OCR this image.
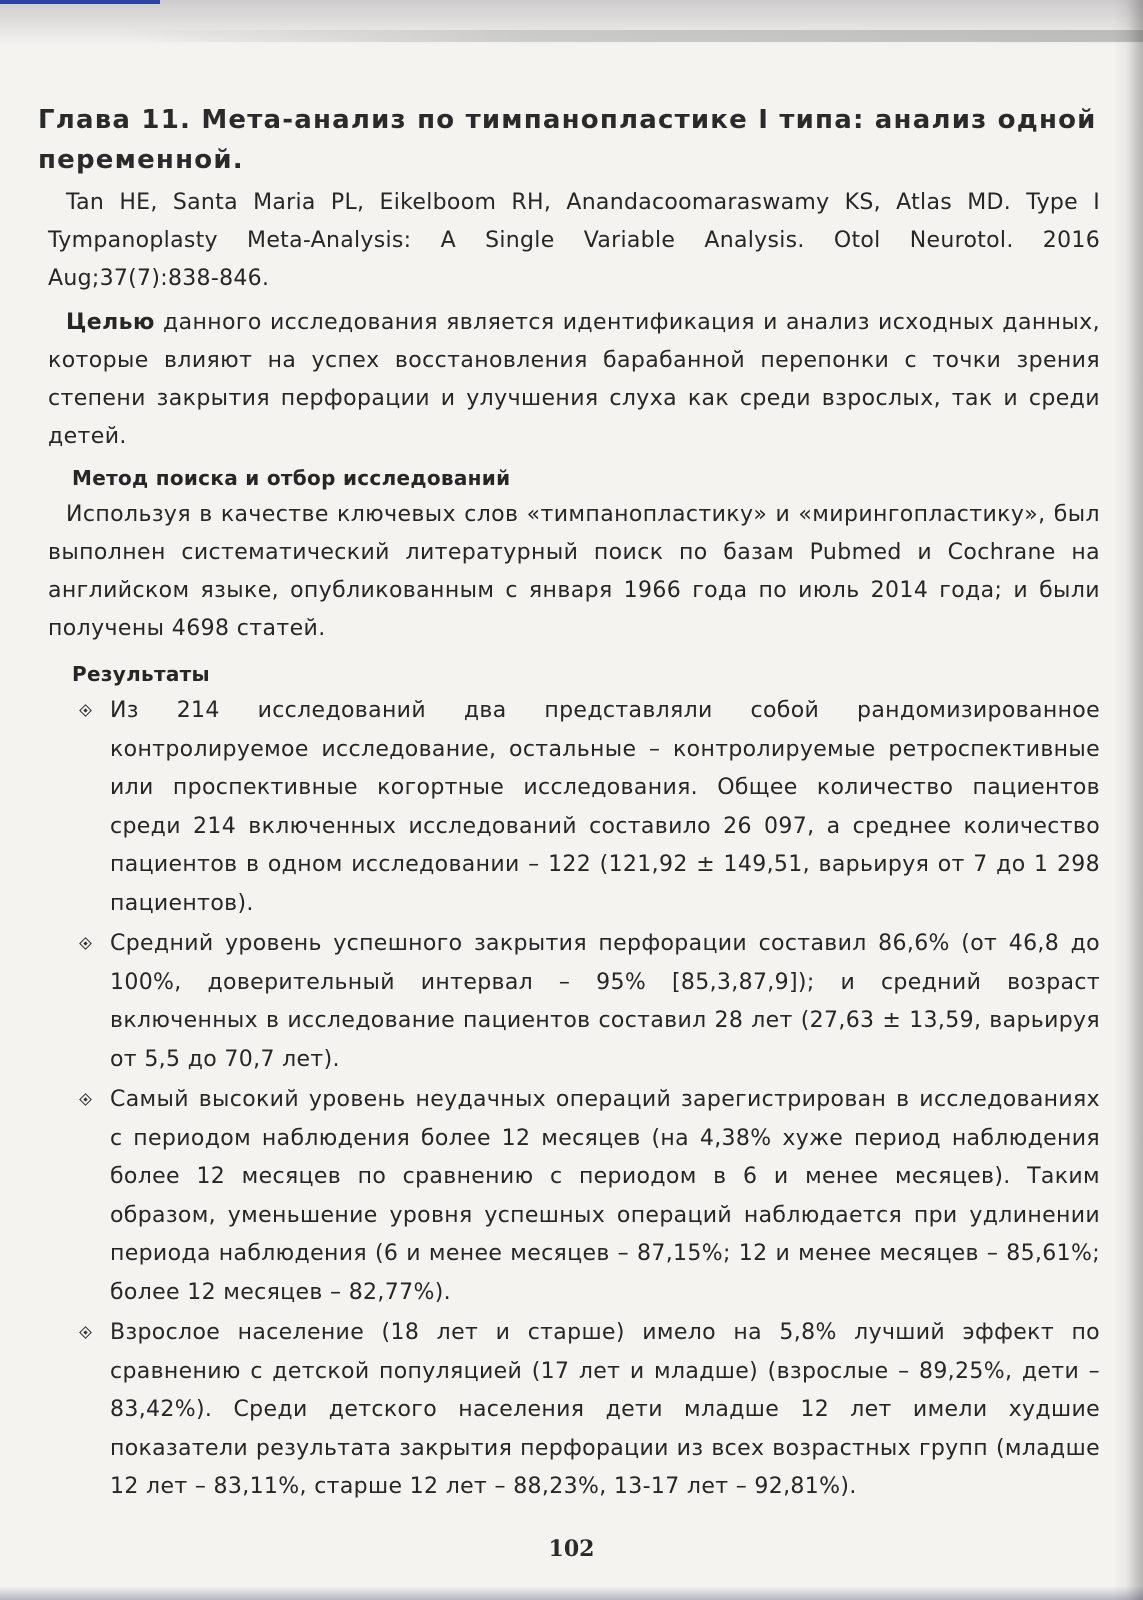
Глава 11. Мета-анализ по тимпанопластике I типа: анализ одной переменной.

Tan HE, Santa Maria PL, Eikelboom RH, Anandacoomaraswamy KS, Atlas MD. Type I Tympanoplasty Meta-Analysis: A Single Variable Analysis. Otol Neurotol. 2016 Aug;37(7):838-846.

Целью данного исследования является идентификация и анализ исходных данных, которые влияют на успех восстановления барабанной перепонки с точки зрения степени закрытия перфорации и улучшения слуха как среди взрослых, так и среди детей.

Метод поиска и отбор исследований

Используя в качестве ключевых слов «тимпанопластику» и «мирингопластику», был выполнен систематический литературный поиск по базам Pubmed и Cochrane на английском языке, опубликованным с января 1966 года по июль 2014 года; и были получены 4698 статей.

Результаты
Из 214 исследований два представляли собой рандомизированное контролируемое исследование, остальные – контролируемые ретроспективные или проспективные когортные исследования. Общее количество пациентов среди 214 включенных исследований составило 26 097, а среднее количество пациентов в одном исследовании – 122 (121,92 ± 149,51, варьируя от 7 до 1 298 пациентов).
Средний уровень успешного закрытия перфорации составил 86,6% (от 46,8 до 100%, доверительный интервал – 95% [85,3,87,9]); и средний возраст включенных в исследование пациентов составил 28 лет (27,63 ± 13,59, варьируя от 5,5 до 70,7 лет).
Самый высокий уровень неудачных операций зарегистрирован в исследованиях с периодом наблюдения более 12 месяцев (на 4,38% хуже период наблюдения более 12 месяцев по сравнению с периодом в 6 и менее месяцев). Таким образом, уменьшение уровня успешных операций наблюдается при удлинении периода наблюдения (6 и менее месяцев – 87,15%; 12 и менее месяцев – 85,61%; более 12 месяцев – 82,77%).
Взрослое население (18 лет и старше) имело на 5,8% лучший эффект по сравнению с детской популяцией (17 лет и младше) (взрослые – 89,25%, дети – 83,42%). Среди детского населения дети младше 12 лет имели худшие показатели результата закрытия перфорации из всех возрастных групп (младше 12 лет – 83,11%, старше 12 лет – 88,23%, 13-17 лет – 92,81%).
102
